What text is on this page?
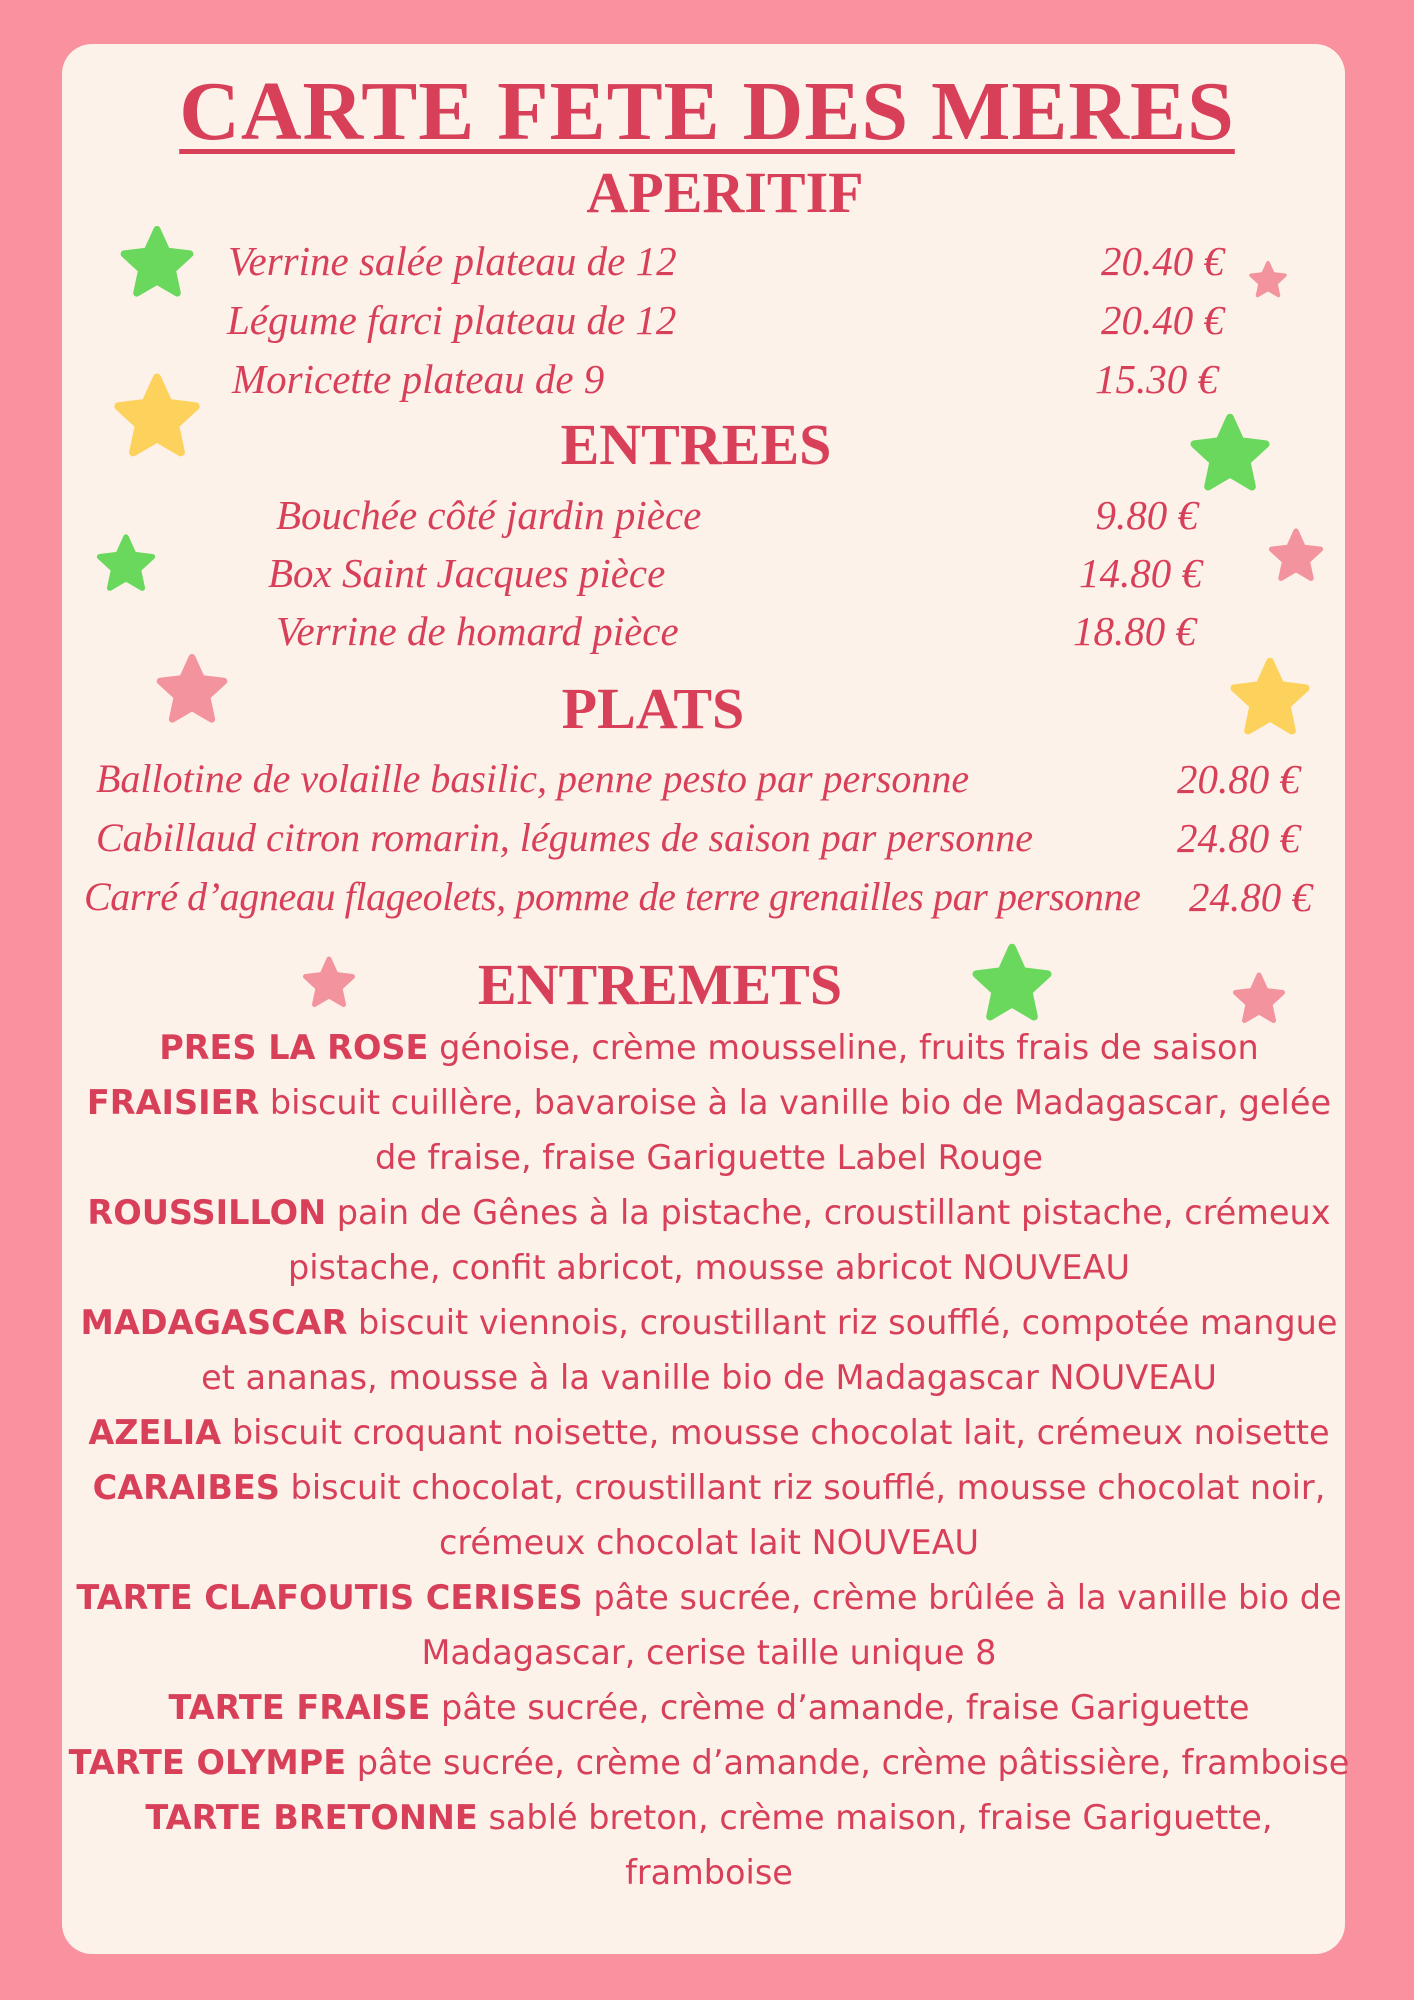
CARTE FETE DES MERES
APERITIF
Verrine salée plateau de 12	20.40 €
Légume farci plateau de 12	20.40 €
Moricette plateau de 9	15.30 €
ENTREES
Bouchée côté jardin pièce	9.80 €
Box Saint Jacques pièce	14.80 €
Verrine de homard pièce	18.80 €
PLATS
Ballotine de volaille basilic, penne pesto par personne	20.80 €
Cabillaud citron romarin, légumes de saison par personne	24.80 €
Carré d’agneau flageolets, pomme de terre grenailles par personne	24.80 €
ENTREMETS

PRES LA ROSE génoise, crème mousseline, fruits frais de saison

FRAISIER biscuit cuillère, bavaroise à la vanille bio de Madagascar, gelée de fraise, fraise Gariguette Label Rouge

ROUSSILLON pain de Gênes à la pistache, croustillant pistache, crémeux pistache, confit abricot, mousse abricot NOUVEAU

MADAGASCAR biscuit viennois, croustillant riz soufflé, compotée mangue et ananas, mousse à la vanille bio de Madagascar NOUVEAU

AZELIA biscuit croquant noisette, mousse chocolat lait, crémeux noisette

CARAIBES biscuit chocolat, croustillant riz soufflé, mousse chocolat noir, crémeux chocolat lait NOUVEAU

TARTE CLAFOUTIS CERISES pâte sucrée, crème brûlée à la vanille bio de Madagascar, cerise taille unique 8

TARTE FRAISE pâte sucrée, crème d’amande, fraise Gariguette

TARTE OLYMPE pâte sucrée, crème d’amande, crème pâtissière, framboise

TARTE BRETONNE sablé breton, crème maison, fraise Gariguette, framboise
